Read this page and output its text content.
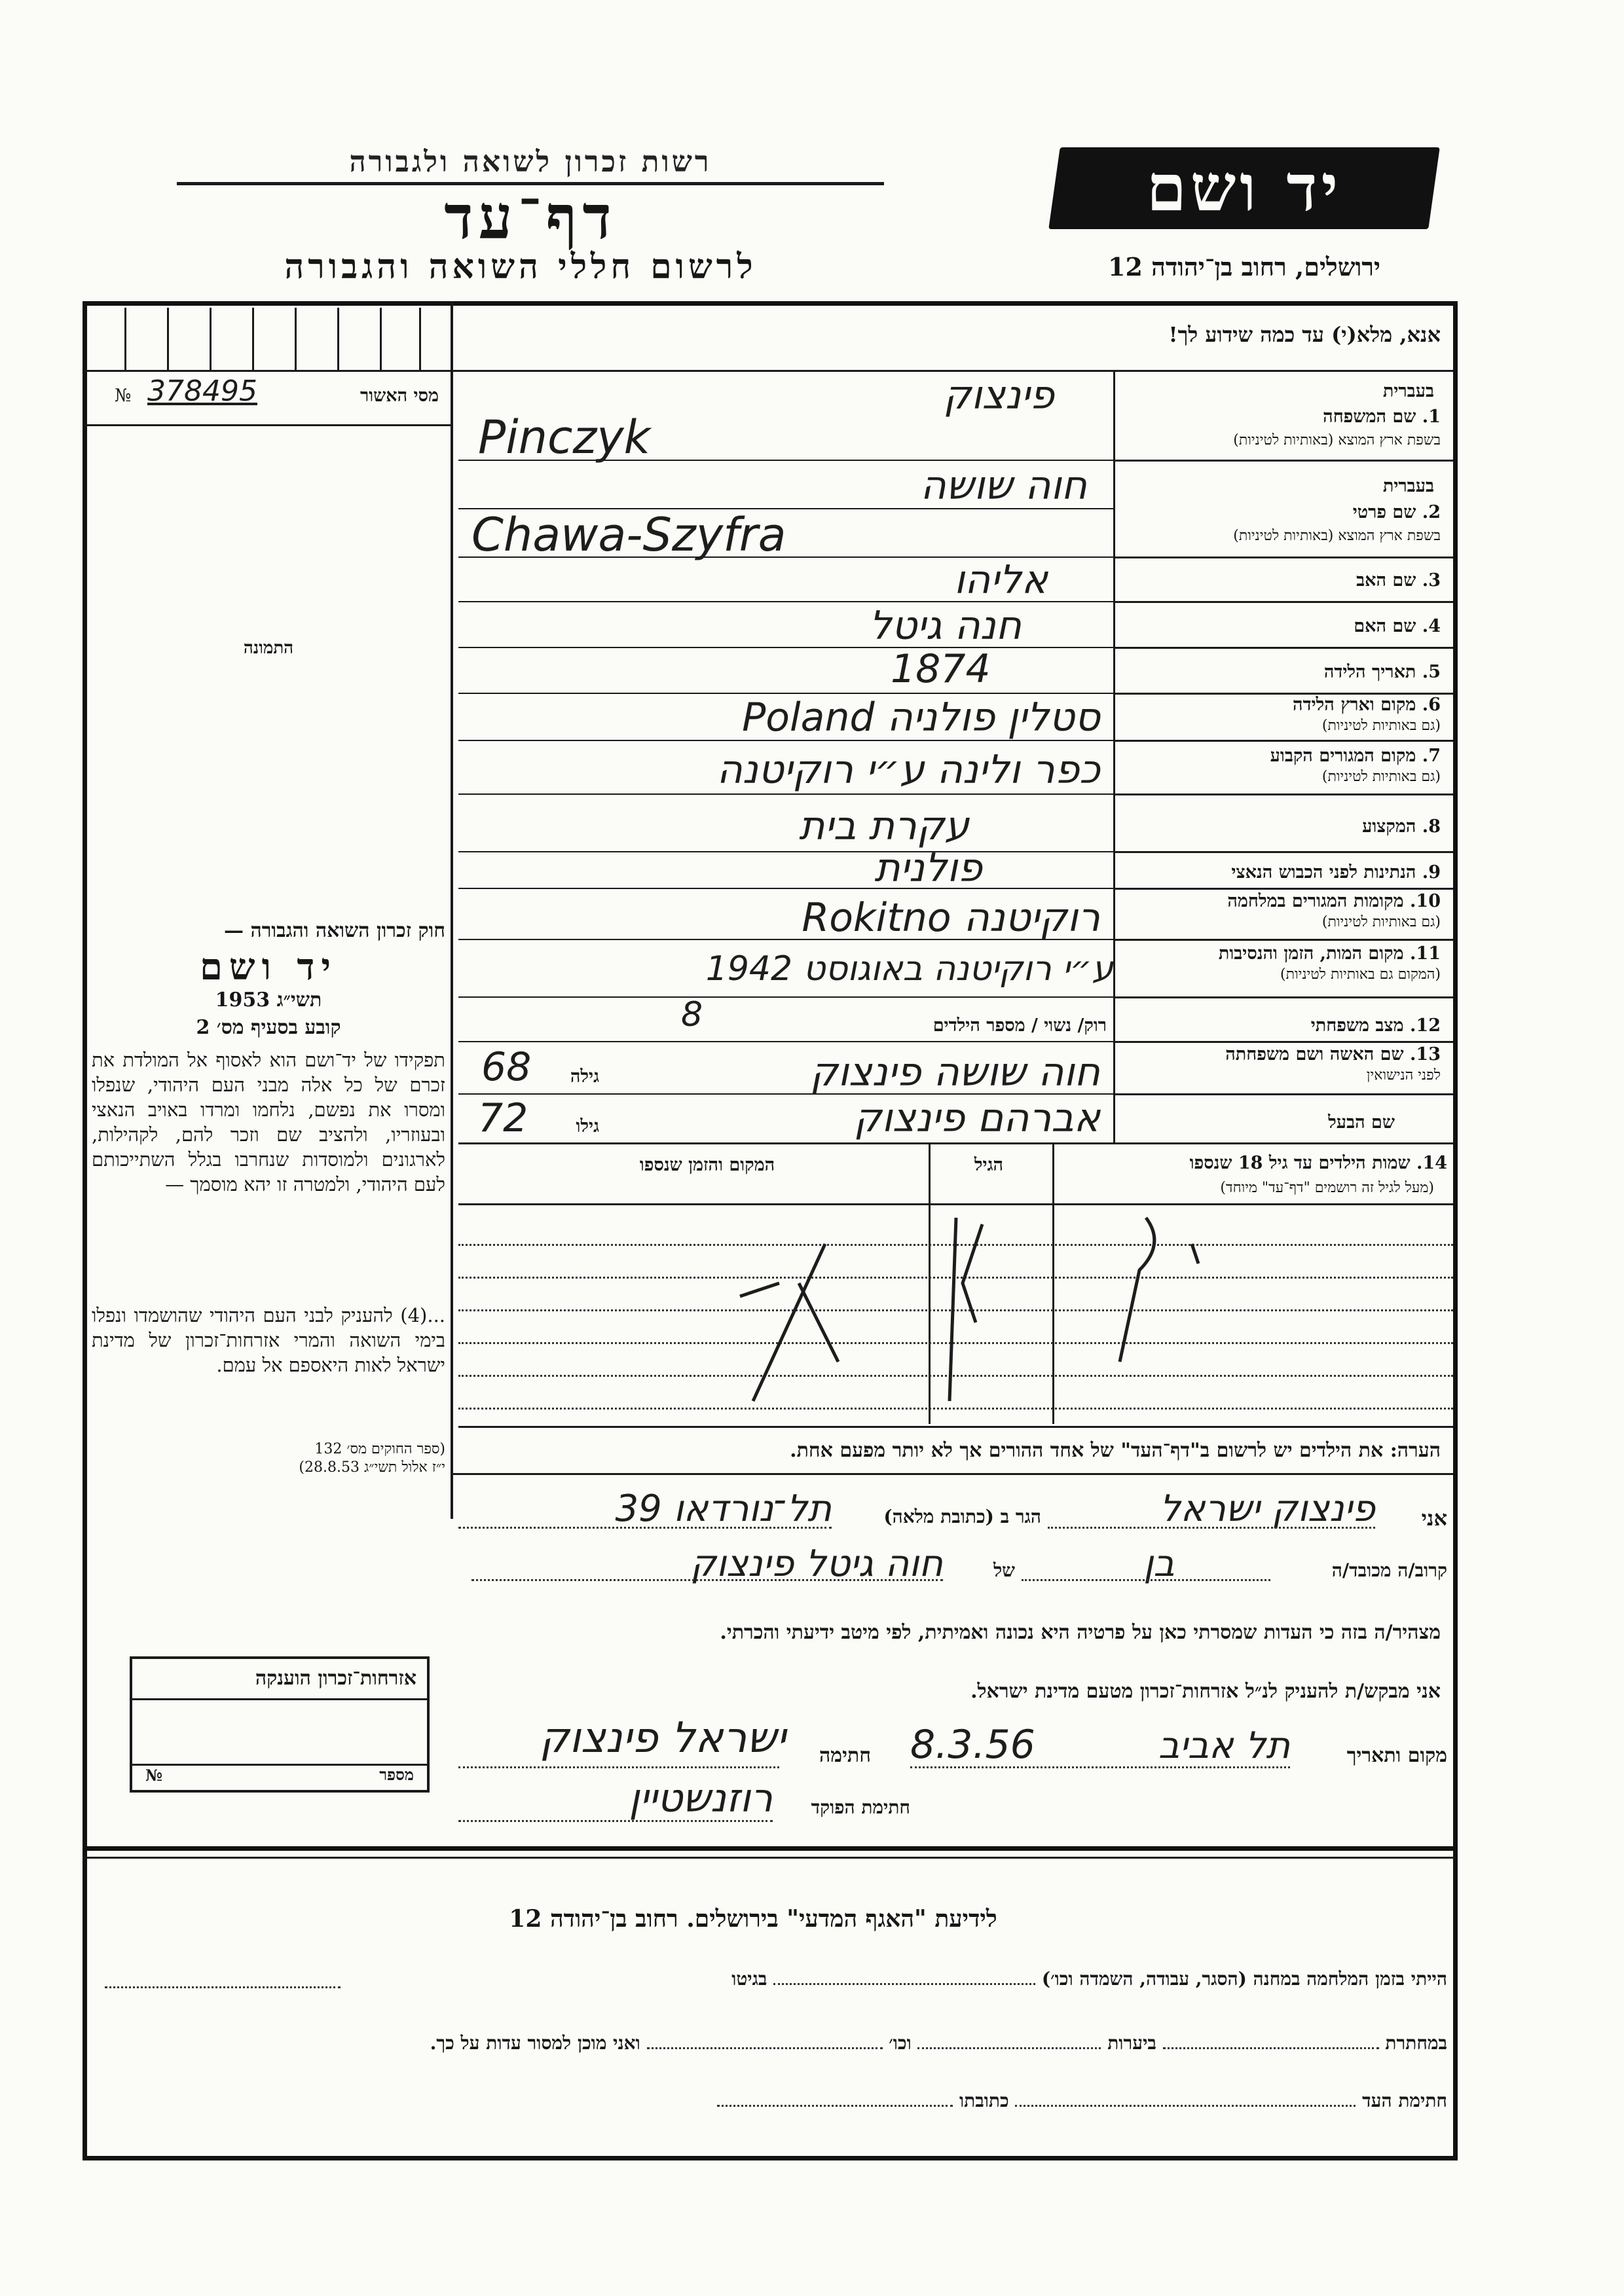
רשות זכרון לשואה ולגבורה
דף־עד
לרשום חללי השואה והגבורה
יד ושם
ירושלים, רחוב בן־יהודה 12
אנא, מלא(י) עד כמה שידוע לך!
מסי האשור
№ 378495
התמונה
בעברית
1. שם המשפחה
בשפת ארץ המוצא (באותיות לטיניות)
בעברית
2. שם פרטי
בשפת ארץ המוצא (באותיות לטיניות)
3. שם האב
4. שם האם
5. תאריך הלידה
6. מקום וארץ הלידה
(גם באותיות לטיניות)
7. מקום המגורים הקבוע
(גם באותיות לטיניות)
8. המקצוע
9. הנתינות לפני הכבוש הנאצי
10. מקומות המגורים במלחמה
(גם באותיות לטיניות)
11. מקום המות, הזמן והנסיבות
(המקום גם באותיות לטיניות)
12. מצב משפחתי
13. שם האשה ושם משפחתה
לפני הנישואין
שם הבעל
פינצוק
Pinczyk
חוה שושה
Chawa-Szyfra
אליהו
חנה גיטל
1874
סטלין פולניה Poland
כפר ולינה ע״י רוקיטנה
עקרת בית
פולנית
רוקיטנה Rokitno
ע״י רוקיטנה באוגוסט 1942
רוק/ נשוי / מספר הילדים
8
חוה שושה פינצוק
גילה
68
אברהם פינצוק
גילו
72
14. שמות הילדים עד גיל 18 שנספו
(מעל לגיל זה רושמים "דף־עד" מיוחד)
הגיל
המקום והזמן שנספו
הערה: את הילדים יש לרשום ב"דף־העד" של אחד ההורים אך לא יותר מפעם אחת.
חוק זכרון השואה והגבורה —
יד ושם
תשי״ג 1953
קובע בסעיף מס׳ 2
תפקידו של יד־ושם הוא לאסוף אל המולדת את זכרם של כל אלה מבני העם היהודי, שנפלו ומסרו את נפשם, נלחמו ומרדו באויב הנאצי ובעוזריו, ולהציב שם וזכר להם, לקהילות, לארגונים ולמוסדות שנחרבו בגלל השתייכותם לעם היהודי, ולמטרה זו יהא מוסמך —
...(4) להעניק לבני העם היהודי שהושמדו ונפלו בימי השואה והמרי אזרחות־זכרון של מדינת ישראל לאות היאספם אל עמם.
(ספר החוקים מס׳ 132
י״ז אלול תשי״ג 28.8.53)
אני
פינצוק ישראל
הגר ב (כתובת מלאה)
תל־נורדאו 39
קרוב/ה מכובד/ה
בן
של
חוה גיטל פינצוק
מצהיר/ה בזה כי העדות שמסרתי כאן על פרטיה היא נכונה ואמיתית, לפי מיטב ידיעתי והכרתי.
אני מבקש/ת להעניק לנ״ל אזרחות־זכרון מטעם מדינת ישראל.
מקום ותאריך
תל אביב
8.3.56
חתימה
ישראל פינצוק
חתימת הפוקד
רוזנשטיין
אזרחות־זכרון הוענקה
מספר
№
לידיעת "האגף המדעי" בירושלים. רחוב בן־יהודה 12
הייתי בזמן המלחמה במחנה (הסגר, עבודה, השמדה וכו׳)  בגיטו
במחתרת  ביערות  וכו׳  ואני מוכן למסור עדות על כך.
חתימת העד  כתובתו
